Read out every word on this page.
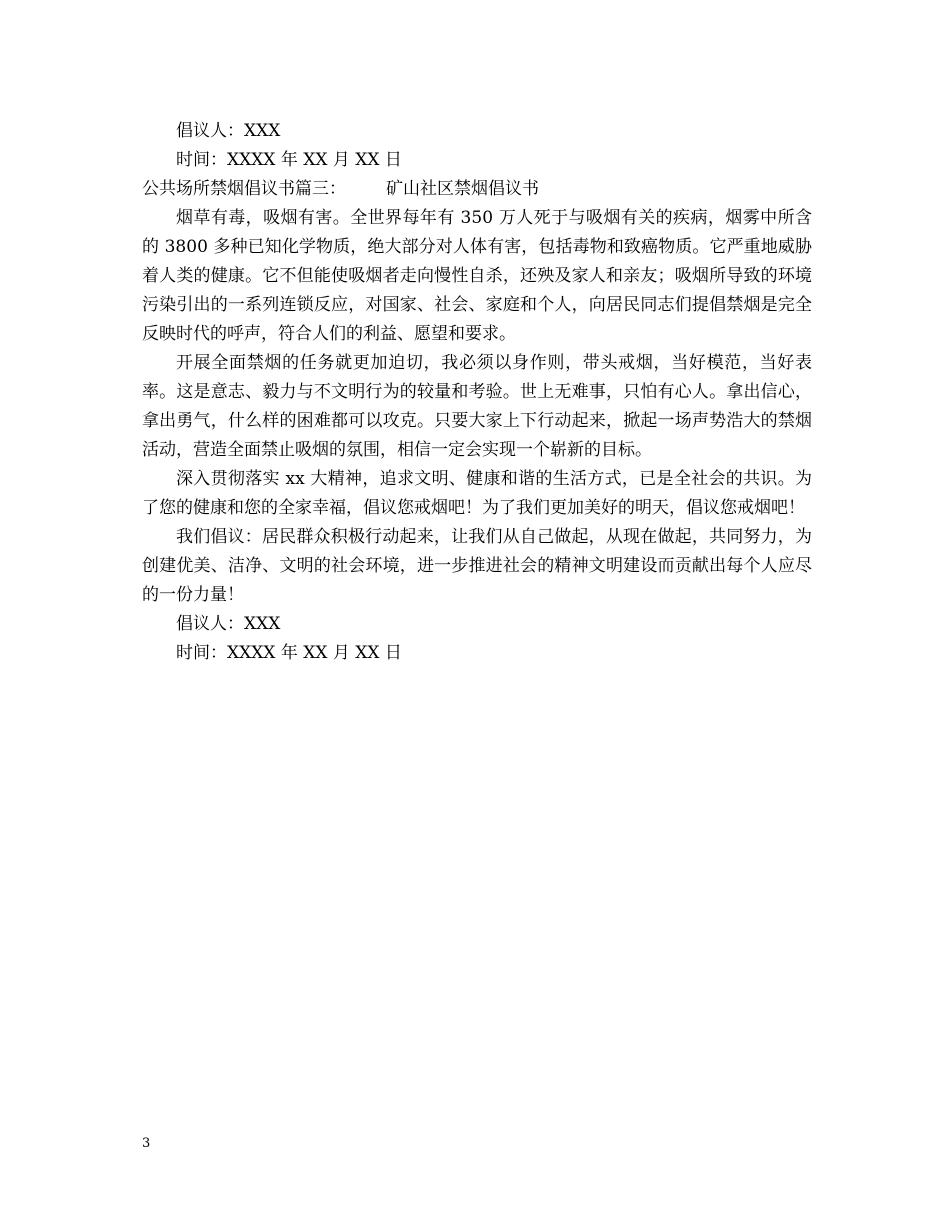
倡议人：XXX
时间：XXXX 年 XX 月 XX 日
公共场所禁烟倡议书篇三： 矿山社区禁烟倡议书
烟草有毒，吸烟有害。全世界每年有 350 万人死于与吸烟有关的疾病，烟雾中所含的 3800 多种已知化学物质，绝大部分对人体有害，包括毒物和致癌物质。它严重地威胁着人类的健康。它不但能使吸烟者走向慢性自杀，还殃及家人和亲友；吸烟所导致的环境污染引出的一系列连锁反应，对国家、社会、家庭和个人，向居民同志们提倡禁烟是完全反映时代的呼声，符合人们的利益、愿望和要求。
开展全面禁烟的任务就更加迫切，我必须以身作则，带头戒烟，当好模范，当好表率。这是意志、毅力与不文明行为的较量和考验。世上无难事，只怕有心人。拿出信心，拿出勇气，什么样的困难都可以攻克。只要大家上下行动起来，掀起一场声势浩大的禁烟活动，营造全面禁止吸烟的氛围，相信一定会实现一个崭新的目标。
深入贯彻落实 xx 大精神，追求文明、健康和谐的生活方式，已是全社会的共识。为了您的健康和您的全家幸福，倡议您戒烟吧！为了我们更加美好的明天，倡议您戒烟吧！
我们倡议：居民群众积极行动起来，让我们从自己做起，从现在做起，共同努力，为创建优美、洁净、文明的社会环境，进一步推进社会的精神文明建设而贡献出每个人应尽的一份力量！
倡议人：XXX
时间：XXXX 年 XX 月 XX 日
3
